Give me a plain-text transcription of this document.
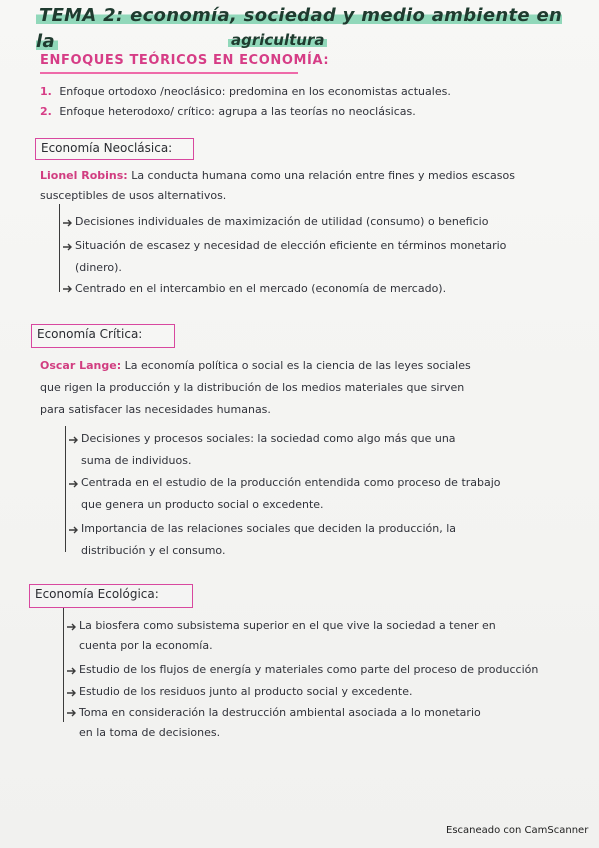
TEMA 2: economía, sociedad y medio ambiente en la	agricultura
ENFOQUES TEÓRICOS EN ECONOMÍA:
1. Enfoque ortodoxo /neoclásico: predomina en los economistas actuales.
2. Enfoque heterodoxo/ crítico: agrupa a las teorías no neoclásicas.
Economía Neoclásica:
Lionel Robins: La conducta humana como una relación entre fines y medios escasos
susceptibles de usos alternativos.
Decisiones individuales de maximización de utilidad (consumo) o beneficio
Situación de escasez y necesidad de elección eficiente en términos monetario
(dinero).
Centrado en el intercambio en el mercado (economía de mercado).
Economía Crítica:
Oscar Lange: La economía política o social es la ciencia de las leyes sociales
que rigen la producción y la distribución de los medios materiales que sirven
para satisfacer las necesidades humanas.
Decisiones y procesos sociales: la sociedad como algo más que una
suma de individuos.
Centrada en el estudio de la producción entendida como proceso de trabajo
que genera un producto social o excedente.
Importancia de las relaciones sociales que deciden la producción, la
distribución y el consumo.
Economía Ecológica:
La biosfera como subsistema superior en el que vive la sociedad a tener en
cuenta por la economía.
Estudio de los flujos de energía y materiales como parte del proceso de producción
Estudio de los residuos junto al producto social y excedente.
Toma en consideración la destrucción ambiental asociada a lo monetario
en la toma de decisiones.
Escaneado con CamScanner
